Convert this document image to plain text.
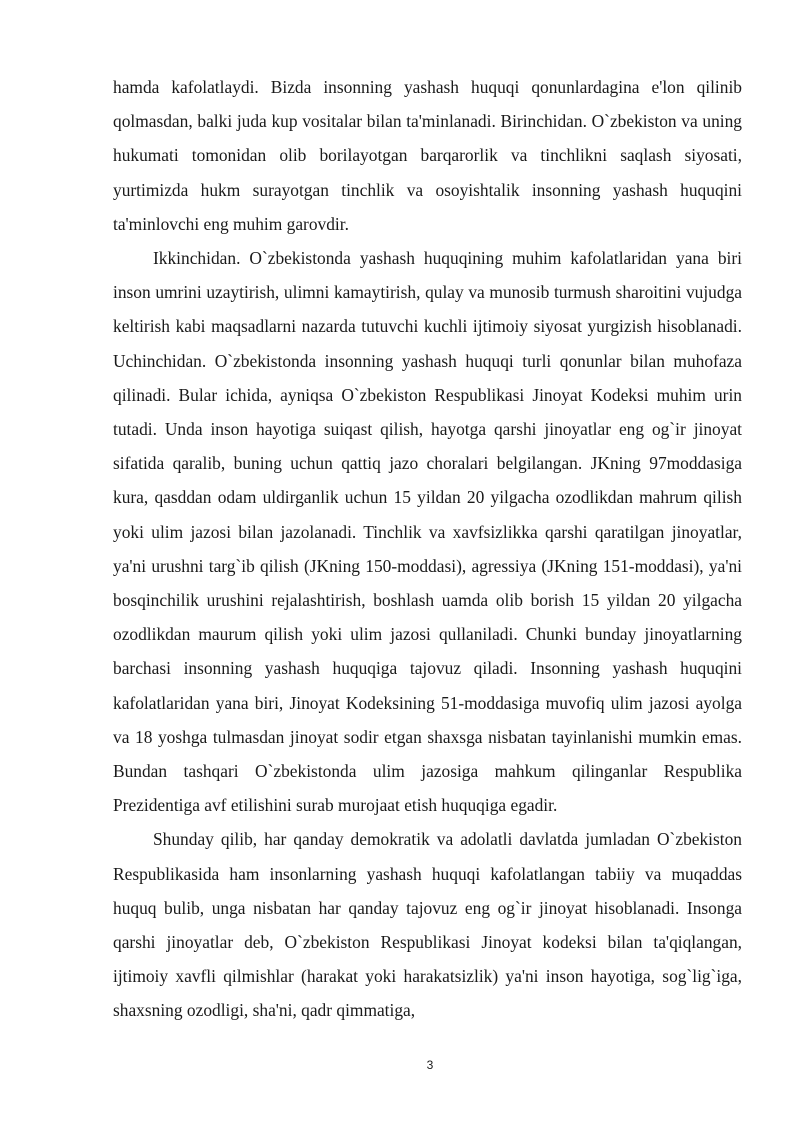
hamda kafolatlaydi. Bizda insonning yashash huquqi qonunlardagina e'lon qilinib qolmasdan, balki juda kup vositalar bilan ta'minlanadi. Birinchidan. O`zbekiston va uning hukumati tomonidan olib borilayotgan barqarorlik va tinchlikni saqlash siyosati, yurtimizda hukm surayotgan tinchlik va osoyishtalik insonning yashash huquqini ta'minlovchi eng muhim garovdir.

Ikkinchidan. O`zbekistonda yashash huquqining muhim kafolatlaridan yana biri inson umrini uzaytirish, ulimni kamaytirish, qulay va munosib turmush sharoitini vujudga keltirish kabi maqsadlarni nazarda tutuvchi kuchli ijtimoiy siyosat yurgizish hisoblanadi. Uchinchidan. O`zbekistonda insonning yashash huquqi turli qonunlar bilan muhofaza qilinadi. Bular ichida, ayniqsa O`zbekiston Respublikasi Jinoyat Kodeksi muhim urin tutadi. Unda inson hayotiga suiqast qilish, hayotga qarshi jinoyatlar eng og`ir jinoyat sifatida qaralib, buning uchun qattiq jazo choralari belgilangan. JKning 97moddasiga kura, qasddan odam uldirganlik uchun 15 yildan 20 yilgacha ozodlikdan mahrum qilish yoki ulim jazosi bilan jazolanadi. Tinchlik va xavfsizlikka qarshi qaratilgan jinoyatlar, ya'ni urushni targ`ib qilish (JKning 150-moddasi), agressiya (JKning 151-moddasi), ya'ni bosqinchilik urushini rejalashtirish, boshlash uamda olib borish 15 yildan 20 yilgacha ozodlikdan maurum qilish yoki ulim jazosi qullaniladi. Chunki bunday jinoyatlarning barchasi insonning yashash huquqiga tajovuz qiladi. Insonning yashash huquqini kafolatlaridan yana biri, Jinoyat Kodeksining 51-moddasiga muvofiq ulim jazosi ayolga va 18 yoshga tulmasdan jinoyat sodir etgan shaxsga nisbatan tayinlanishi mumkin emas. Bundan tashqari O`zbekistonda ulim jazosiga mahkum qilinganlar Respublika Prezidentiga avf etilishini surab murojaat etish huquqiga egadir.

Shunday qilib, har qanday demokratik va adolatli davlatda jumladan O`zbekiston Respublikasida ham insonlarning yashash huquqi kafolatlangan tabiiy va muqaddas huquq bulib, unga nisbatan har qanday tajovuz eng og`ir jinoyat hisoblanadi. Insonga qarshi jinoyatlar deb, O`zbekiston Respublikasi Jinoyat kodeksi bilan ta'qiqlangan, ijtimoiy xavfli qilmishlar (harakat yoki harakatsizlik) ya'ni inson hayotiga, sog`lig`iga, shaxsning ozodligi, sha'ni, qadr qimmatiga,

3
